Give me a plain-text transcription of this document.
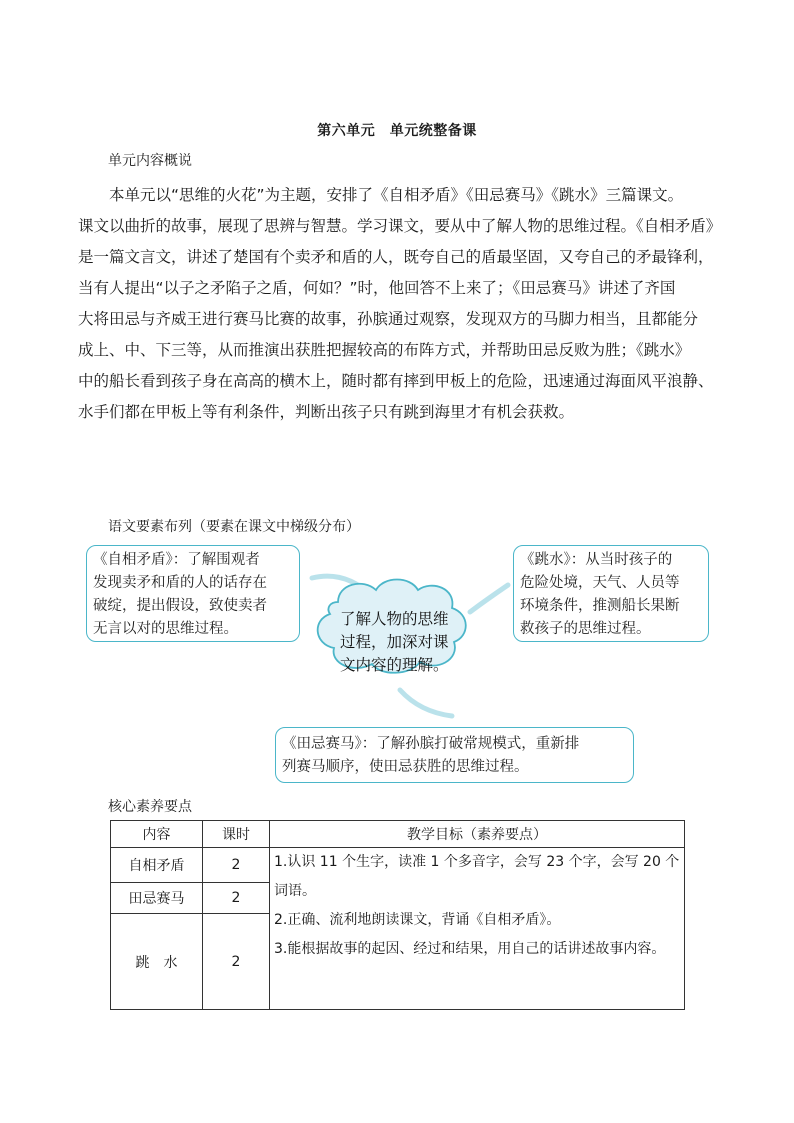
第六单元　单元统整备课
单元内容概说
本单元以“思维的火花”为主题，安排了《自相矛盾》《田忌赛马》《跳水》三篇课文。
课文以曲折的故事，展现了思辨与智慧。学习课文，要从中了解人物的思维过程。《自相矛盾》
是一篇文言文，讲述了楚国有个卖矛和盾的人，既夸自己的盾最坚固，又夸自己的矛最锋利，
当有人提出“以子之矛陷子之盾，何如？”时，他回答不上来了；《田忌赛马》讲述了齐国
大将田忌与齐威王进行赛马比赛的故事，孙膑通过观察，发现双方的马脚力相当，且都能分
成上、中、下三等，从而推演出获胜把握较高的布阵方式，并帮助田忌反败为胜；《跳水》
中的船长看到孩子身在高高的横木上，随时都有摔到甲板上的危险，迅速通过海面风平浪静、
水手们都在甲板上等有利条件，判断出孩子只有跳到海里才有机会获救。
语文要素布列（要素在课文中梯级分布）
《自相矛盾》：了解围观者
发现卖矛和盾的人的话存在
破绽，提出假设，致使卖者
无言以对的思维过程。
《跳水》：从当时孩子的
危险处境，天气、人员等
环境条件，推测船长果断
救孩子的思维过程。
了解人物的思维过程，加深对课文内容的理解。
《田忌赛马》：了解孙膑打破常规模式，重新排
列赛马顺序，使田忌获胜的思维过程。
核心素养要点
内容	课时	教学目标（素养要点）
自相矛盾	2	1.认识 11 个生字，读准 1 个多音字，会写 23 个字，会写 20 个词语。
2.正确、流利地朗读课文，背诵《自相矛盾》。
3.能根据故事的起因、经过和结果，用自己的话讲述故事内容。

田忌赛马	2	
跳　水	2	
